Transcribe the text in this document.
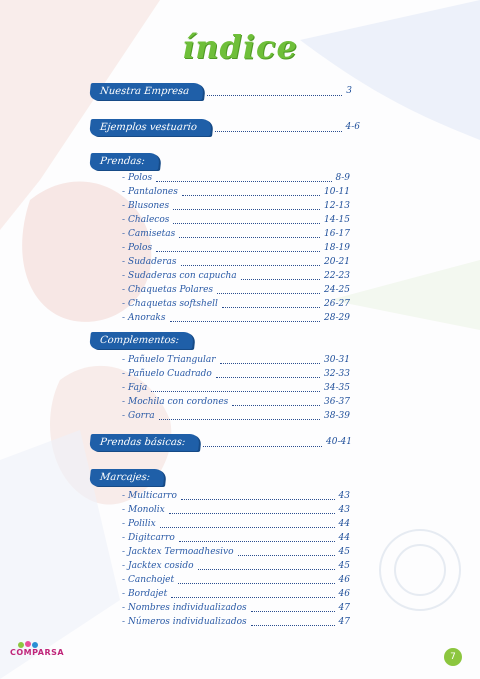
índice
Nuestra Empresa	3
Ejemplos vestuario	4-6
Prendas:
- Polos	8-9
- Pantalones	10-11
- Blusones	12-13
- Chalecos	14-15
- Camisetas	16-17
- Polos	18-19
- Sudaderas	20-21
- Sudaderas con capucha	22-23
- Chaquetas Polares	24-25
- Chaquetas softshell	26-27
- Anoraks	28-29
Complementos:
- Pañuelo Triangular	30-31
- Pañuelo Cuadrado	32-33
- Faja	34-35
- Mochila con cordones	36-37
- Gorra	38-39
Prendas básicas:	40-41
Marcajes:
- Multicarro	43
- Monolix	43
- Polilix	44
- Digitcarro	44
- Jacktex Termoadhesivo	45
- Jacktex cosido	45
- Canchojet	46
- Bordajet	46
- Nombres individualizados	47
- Números individualizados	47
COMPARSA	7
